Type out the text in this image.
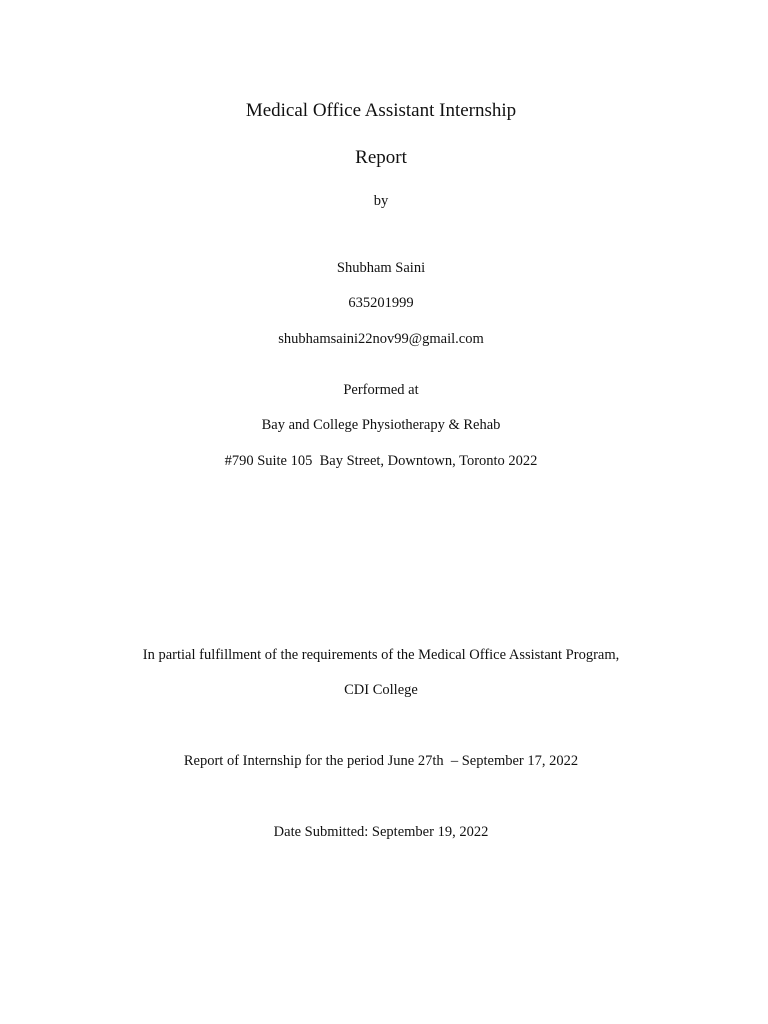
Medical Office Assistant Internship
Report
by
Shubham Saini
635201999
shubhamsaini22nov99@gmail.com
Performed at
Bay and College Physiotherapy & Rehab
#790 Suite 105  Bay Street, Downtown, Toronto 2022
In partial fulfillment of the requirements of the Medical Office Assistant Program,
CDI College
Report of Internship for the period June 27th  – September 17, 2022
Date Submitted: September 19, 2022
